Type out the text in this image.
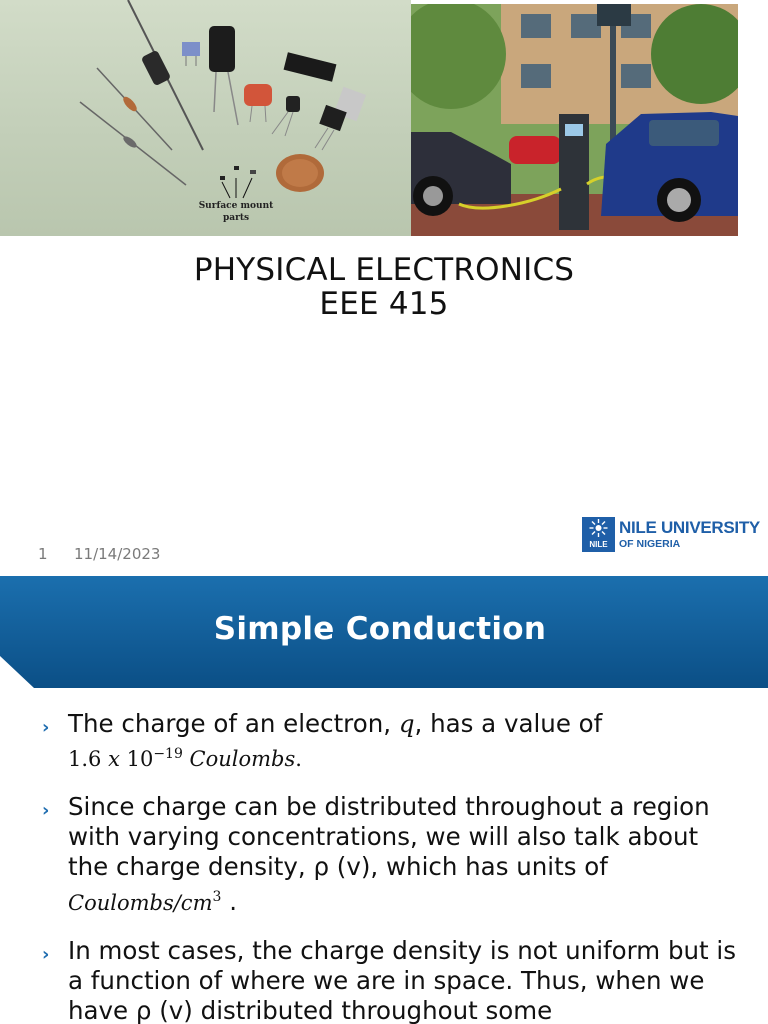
Surface mount
parts
PHYSICAL ELECTRONICS
EEE 415
1 11/14/2023
NILE
NILE UNIVERSITY
OF NIGERIA
Simple Conduction
› The charge of an electron, q, has a value of
1.6 x $10^{-19}$ Coulombs.
› Since charge can be distributed throughout a region with varying concentrations, we will also talk about the charge density, ρ (v), which has units of Coulombs/$cm^3$ .
› In most cases, the charge density is not uniform but is a function of where we are in space. Thus, when we have ρ (v) distributed throughout some
